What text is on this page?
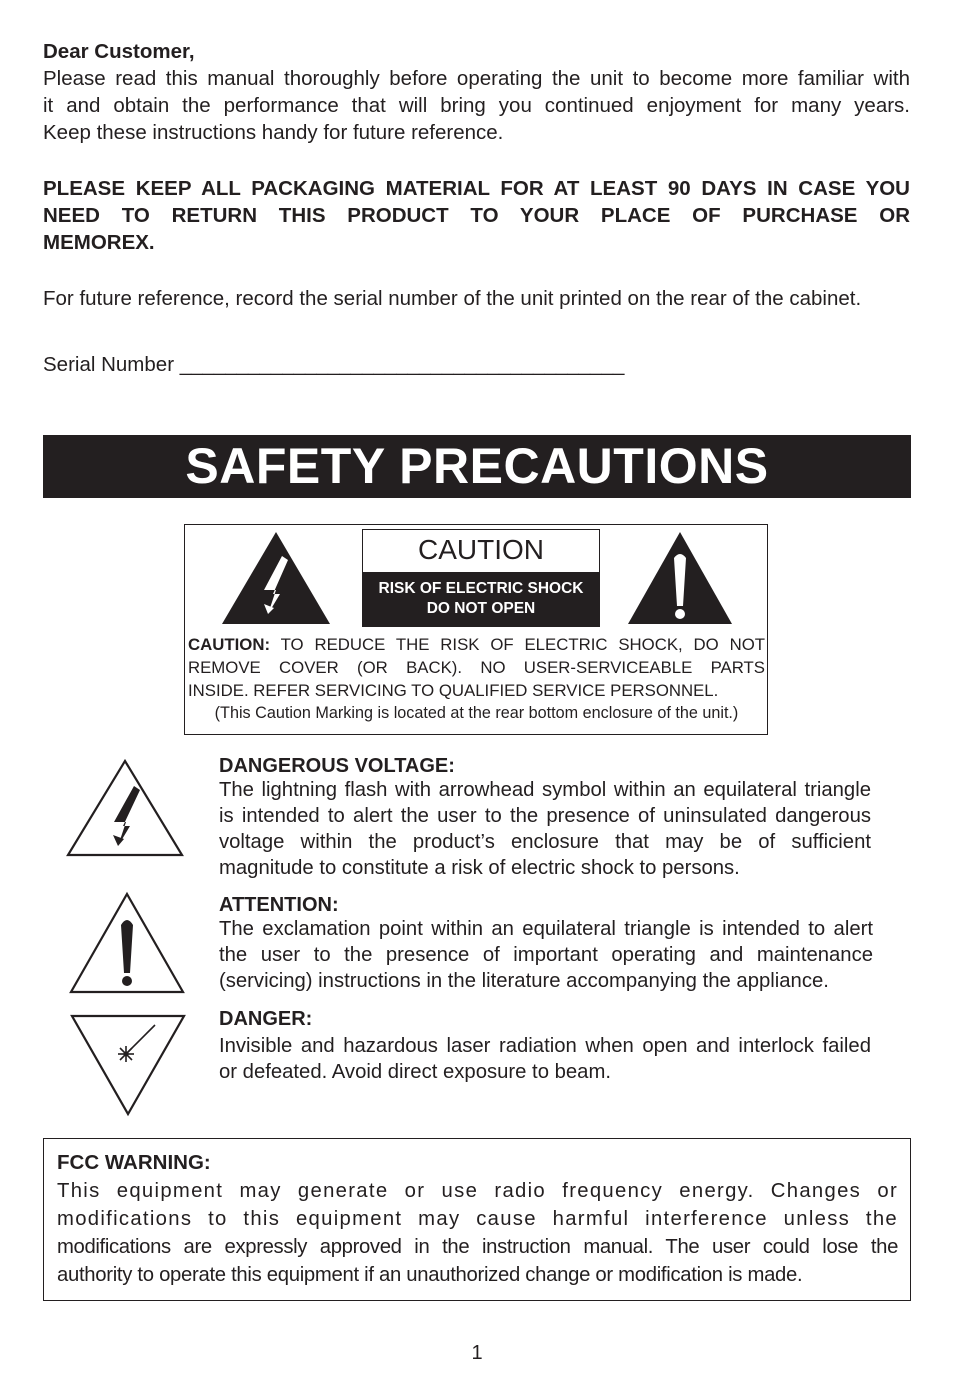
Dear Customer,
Please read this manual thoroughly before operating the unit to become more familiar with
it and obtain the performance that will bring you continued enjoyment for many years.
Keep these instructions handy for future reference.
PLEASE KEEP ALL PACKAGING MATERIAL FOR AT LEAST 90 DAYS IN CASE YOU
NEED TO RETURN THIS PRODUCT TO YOUR PLACE OF PURCHASE OR
MEMOREX.
For future reference, record the serial number of the unit printed on the rear of the cabinet.
Serial Number _______________________________________
SAFETY PRECAUTIONS
CAUTION
RISK OF ELECTRIC SHOCK
DO NOT OPEN
CAUTION: TO REDUCE THE RISK OF ELECTRIC SHOCK, DO NOT
REMOVE COVER (OR BACK). NO USER-SERVICEABLE PARTS
INSIDE. REFER SERVICING TO QUALIFIED SERVICE PERSONNEL.
(This Caution Marking is located at the rear bottom enclosure of the unit.)
DANGEROUS VOLTAGE:
The lightning flash with arrowhead symbol within an equilateral triangle
is intended to alert the user to the presence of uninsulated dangerous
voltage within the product’s enclosure that may be of sufficient
magnitude to constitute a risk of electric shock to persons.
ATTENTION:
The exclamation point within an equilateral triangle is intended to alert
the user to the presence of important operating and maintenance
(servicing) instructions in the literature accompanying the appliance.
DANGER:
Invisible and hazardous laser radiation when open and interlock failed
or defeated. Avoid direct exposure to beam.
FCC WARNING:
This equipment may generate or use radio frequency energy. Changes or
modifications to this equipment may cause harmful interference unless the
modifications are expressly approved in the instruction manual. The user could lose the
authority to operate this equipment if an unauthorized change or modification is made.
1
